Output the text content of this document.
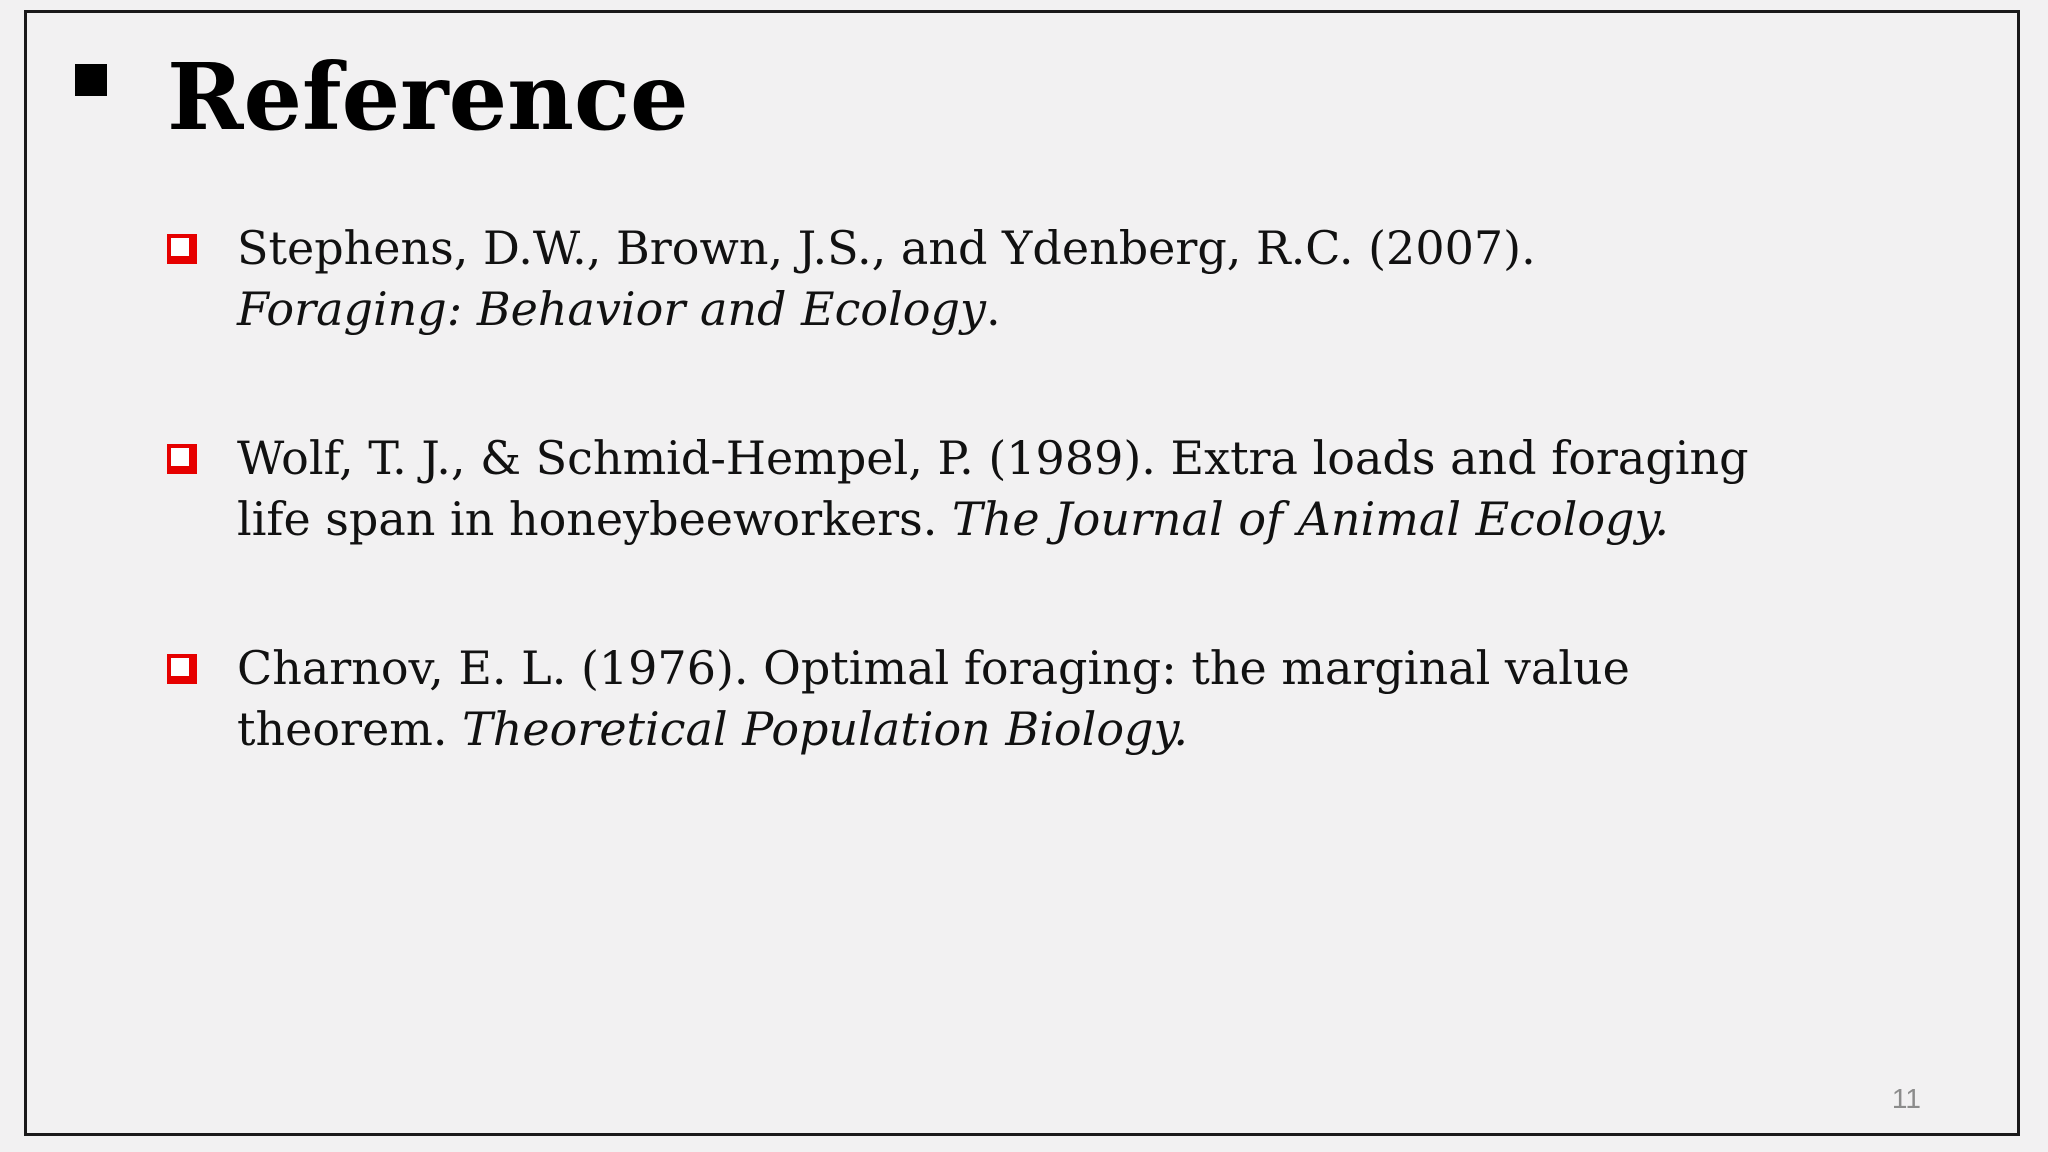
Reference
Stephens, D.W., Brown, J.S., and Ydenberg, R.C. (2007).
Foraging: Behavior and Ecology.
Wolf, T. J., & Schmid-Hempel, P. (1989). Extra loads and foraging
life span in honeybeeworkers. The Journal of Animal Ecology.
Charnov, E. L. (1976). Optimal foraging: the marginal value
theorem. Theoretical Population Biology.
11
